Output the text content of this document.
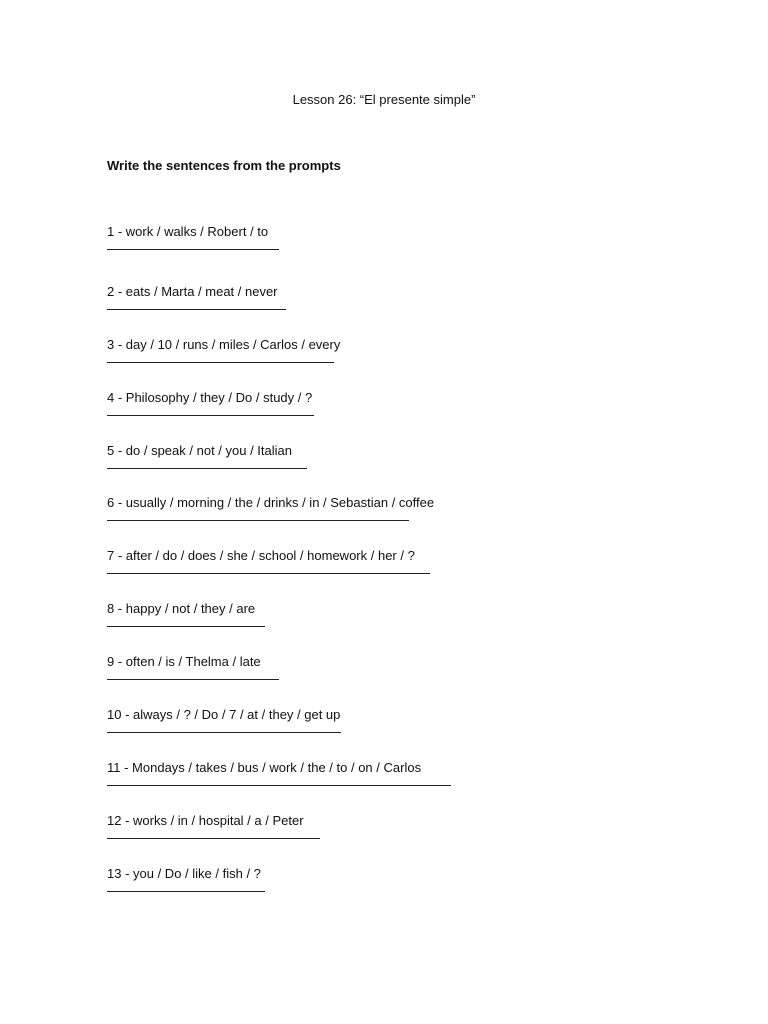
Lesson 26: “El presente simple”
Write the sentences from the prompts
1 - work / walks / Robert / to
2 - eats / Marta / meat / never
3 - day / 10 / runs / miles / Carlos / every
4 - Philosophy / they / Do / study / ?
5 - do / speak / not / you / Italian
6 - usually / morning / the / drinks / in / Sebastian / coffee
7 - after / do / does / she / school / homework / her / ?
8 - happy / not / they / are
9 - often / is / Thelma / late
10 - always / ? / Do / 7 / at / they / get up
11 - Mondays / takes / bus / work / the / to / on / Carlos
12 - works / in / hospital / a / Peter
13 - you / Do / like / fish / ?
